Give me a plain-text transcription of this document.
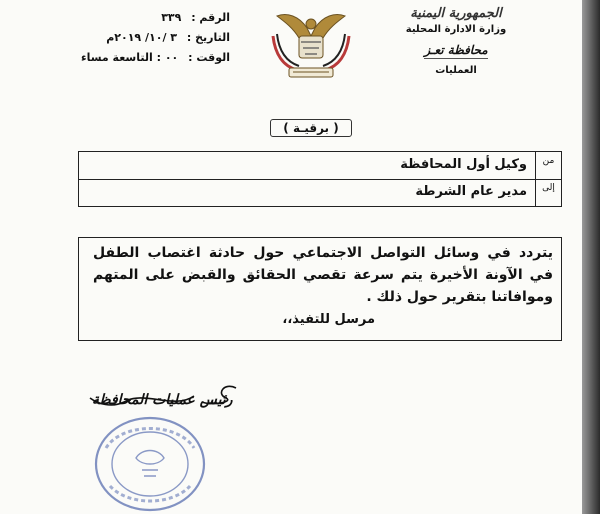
الرقم : ٣٣٩
التاريخ : ٣ /١٠/ ٢٠١٩م
الوقت : ٠٠ : التاسعة مساء
الجمهورية اليمنية
وزارة الادارة المحلية
محافظة تعـز
العمليات
( برقيـة )
من
وكيل أول المحافظة
إلى
مدير عام الشرطة
يتردد في وسائل التواصل الاجتماعي حول حادثة اغتصاب الطفل في الآونة الأخيرة يتم سرعة تقصي الحقائق والقبض على المتهم وموافاتنا بتقرير حول ذلك .
مرسل للتفيذ،،
رئيس عمليات المحافظة
